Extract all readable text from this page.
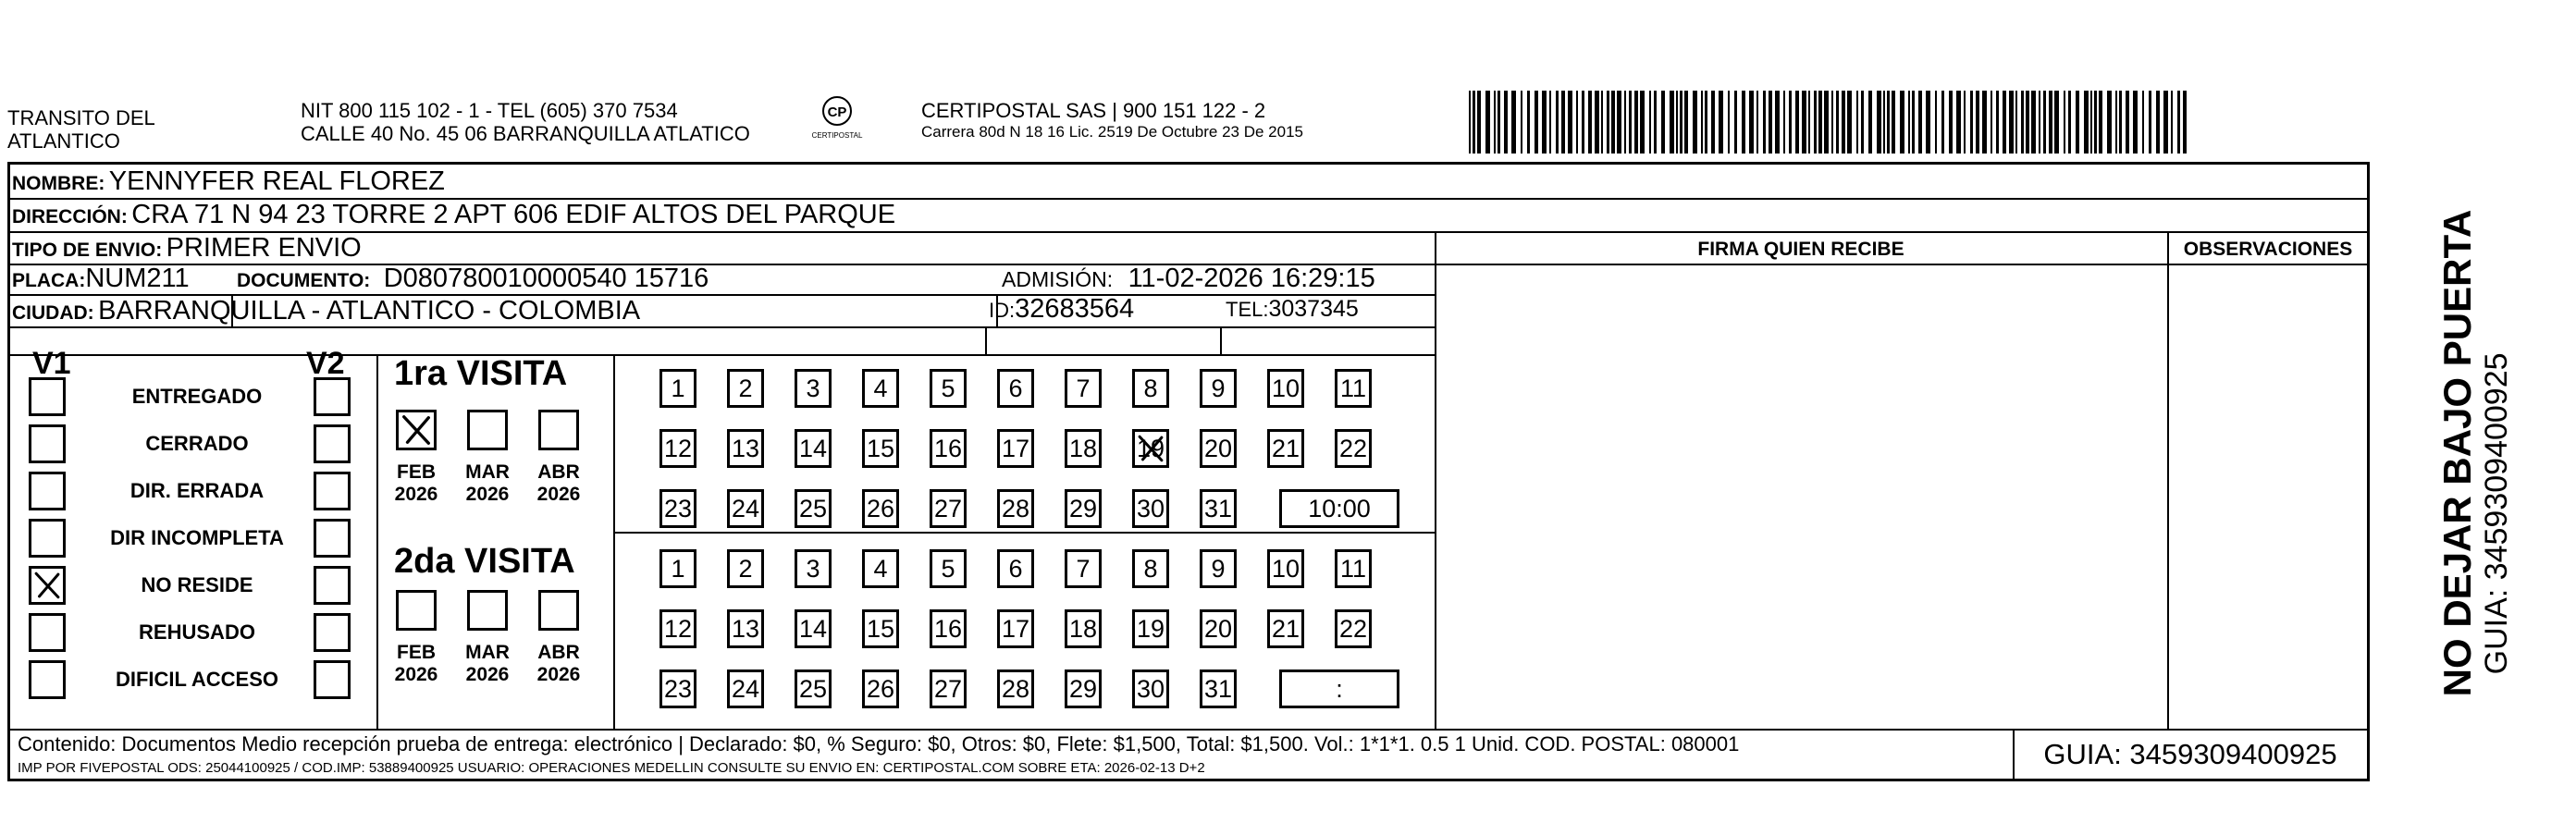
TRANSITO DEL
ATLANTICO
NIT 800 115 102 - 1 - TEL (605) 370 7534
CALLE 40 No. 45 06 BARRANQUILLA ATLATICO
CP
CERTIPOSTAL
CERTIPOSTAL SAS | 900 151 122 - 2
Carrera 80d N 18 16 Lic. 2519 De Octubre 23 De 2015
NOMBRE: YENNYFER REAL FLOREZ
DIRECCIÓN: CRA 71 N 94 23 TORRE 2 APT 606 EDIF ALTOS DEL PARQUE
TIPO DE ENVIO: PRIMER ENVIO	FIRMA QUIEN RECIBE	OBSERVACIONES
PLACA:NUM211 DOCUMENTO: D080780010000540 15716	ADMISIÓN: 11-02-2026 16:29:15
CIUDAD: BARRANQUILLA - ATLANTICO - COLOMBIA	ID:32683564	TEL:3037345
V1	V2
ENTREGADO
CERRADO
DIR. ERRADA
DIR INCOMPLETA
NO RESIDE
REHUSADO
DIFICIL ACCESO
1ra VISITA
FEB
2026
MAR
2026
ABR
2026
1 2 3 4 5 6 7 8 9 10 11
12 13 14 15 16 17 18 19 20 21 22
23 24 25 26 27 28 29 30 31	10:00
2da VISITA
FEB
2026
MAR
2026
ABR
2026
1 2 3 4 5 6 7 8 9 10 11
12 13 14 15 16 17 18 19 20 21 22
23 24 25 26 27 28 29 30 31	:
Contenido: Documentos Medio recepción prueba de entrega: electrónico | Declarado: $0, % Seguro: $0, Otros: $0, Flete: $1,500, Total: $1,500. Vol.: 1*1*1. 0.5 1 Unid. COD. POSTAL: 080001
IMP POR FIVEPOSTAL ODS: 25044100925 / COD.IMP: 53889400925 USUARIO: OPERACIONES MEDELLIN CONSULTE SU ENVIO EN: CERTIPOSTAL.COM SOBRE ETA: 2026-02-13 D+2	GUIA: 3459309400925
NO DEJAR BAJO PUERTA GUIA: 3459309400925
